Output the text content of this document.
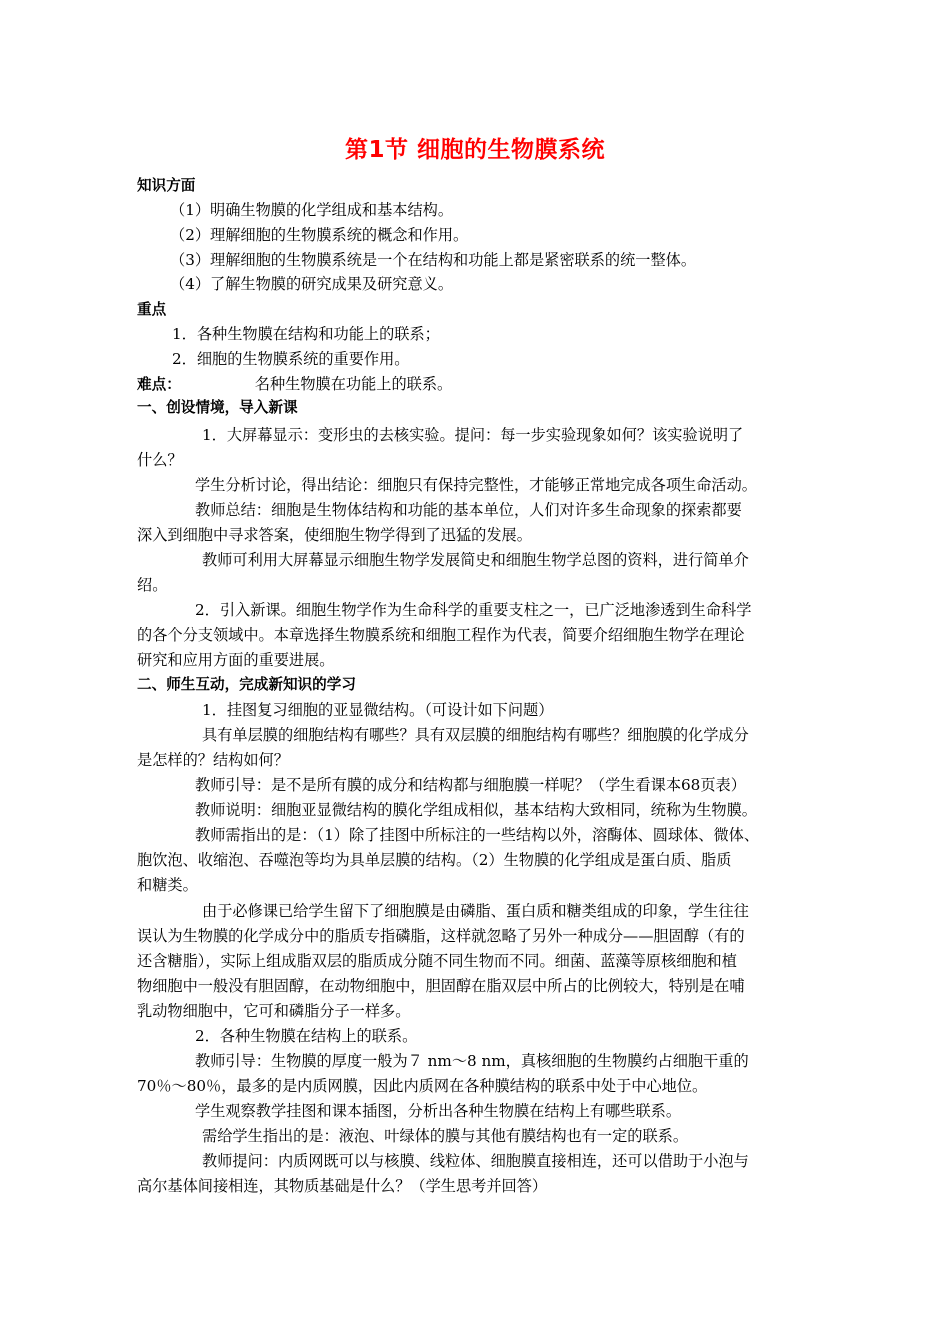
第1节 细胞的生物膜系统
知识方面
（1）明确生物膜的化学组成和基本结构。
（2）理解细胞的生物膜系统的概念和作用。
（3）理解细胞的生物膜系统是一个在结构和功能上都是紧密联系的统一整体。
（4）了解生物膜的研究成果及研究意义。
重点
1．各种生物膜在结构和功能上的联系；
2．细胞的生物膜系统的重要作用。
难点：	名种生物膜在功能上的联系。
一、创设情境，导入新课
1．大屏幕显示：变形虫的去核实验。提问：每一步实验现象如何？该实验说明了
什么？
学生分析讨论，得出结论：细胞只有保持完整性，才能够正常地完成各项生命活动。
教师总结：细胞是生物体结构和功能的基本单位，人们对许多生命现象的探索都要
深入到细胞中寻求答案，使细胞生物学得到了迅猛的发展。
教师可利用大屏幕显示细胞生物学发展简史和细胞生物学总图的资料，进行简单介
绍。
2．引入新课。细胞生物学作为生命科学的重要支柱之一，已广泛地渗透到生命科学
的各个分支领域中。本章选择生物膜系统和细胞工程作为代表，简要介绍细胞生物学在理论
研究和应用方面的重要进展。
二、师生互动，完成新知识的学习
1．挂图复习细胞的亚显微结构。（可设计如下问题）
具有单层膜的细胞结构有哪些？具有双层膜的细胞结构有哪些？细胞膜的化学成分
是怎样的？结构如何？
教师引导：是不是所有膜的成分和结构都与细胞膜一样呢？（学生看课本68页表）
教师说明：细胞亚显微结构的膜化学组成相似，基本结构大致相同，统称为生物膜。
教师需指出的是：（1）除了挂图中所标注的一些结构以外，溶酶体、圆球体、微体、
胞饮泡、收缩泡、吞噬泡等均为具单层膜的结构。（2）生物膜的化学组成是蛋白质、脂质
和糖类。
由于必修课已给学生留下了细胞膜是由磷脂、蛋白质和糖类组成的印象，学生往往
误认为生物膜的化学成分中的脂质专指磷脂，这样就忽略了另外一种成分——胆固醇（有的
还含糖脂），实际上组成脂双层的脂质成分随不同生物而不同。细菌、蓝藻等原核细胞和植
物细胞中一般没有胆固醇，在动物细胞中，胆固醇在脂双层中所占的比例较大，特别是在哺
乳动物细胞中，它可和磷脂分子一样多。
2．各种生物膜在结构上的联系。
教师引导：生物膜的厚度一般为７ nm～8 nm，真核细胞的生物膜约占细胞干重的
70％～80％，最多的是内质网膜，因此内质网在各种膜结构的联系中处于中心地位。
学生观察教学挂图和课本插图，分析出各种生物膜在结构上有哪些联系。
需给学生指出的是：液泡、叶绿体的膜与其他有膜结构也有一定的联系。
教师提问：内质网既可以与核膜、线粒体、细胞膜直接相连，还可以借助于小泡与
高尔基体间接相连，其物质基础是什么？（学生思考并回答）
